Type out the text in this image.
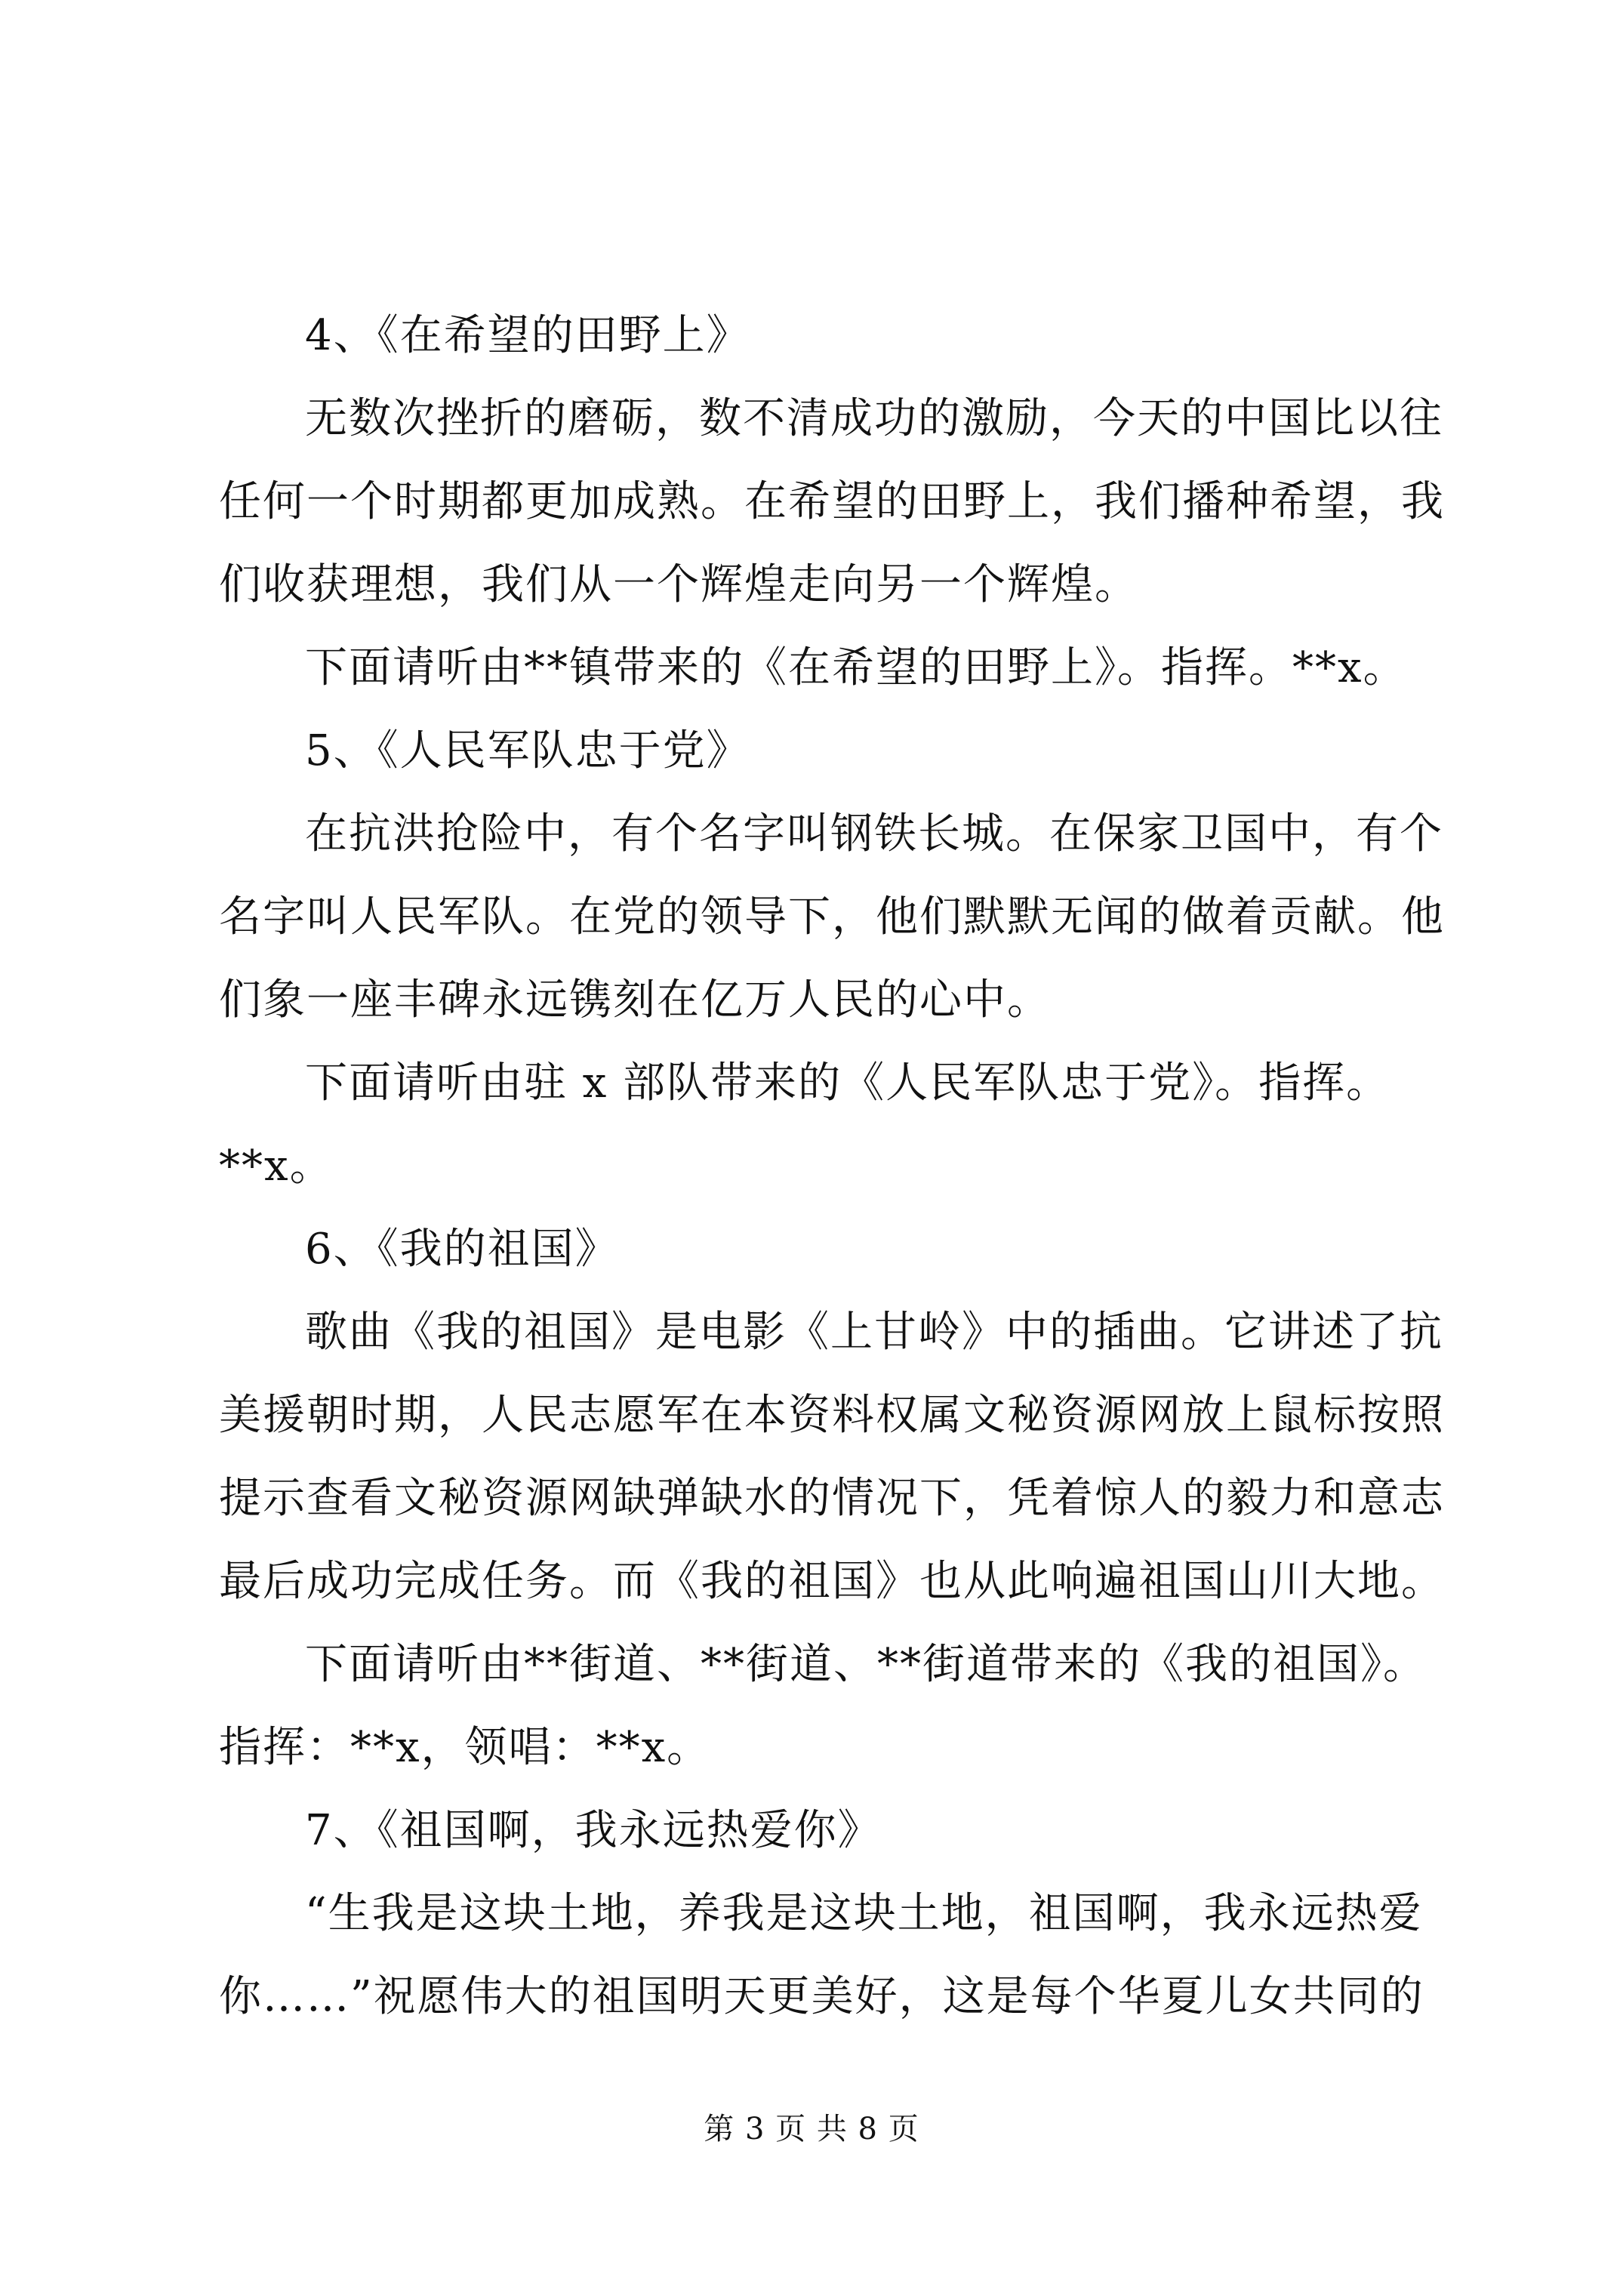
4、《在希望的田野上》
无数次挫折的磨砺，数不清成功的激励，今天的中国比以往
任何一个时期都更加成熟。在希望的田野上，我们播种希望，我
们收获理想，我们从一个辉煌走向另一个辉煌。
下面请听由**镇带来的《在希望的田野上》。指挥。**x。
5、《人民军队忠于党》
在抗洪抢险中，有个名字叫钢铁长城。在保家卫国中，有个
名字叫人民军队。在党的领导下，他们默默无闻的做着贡献。他
们象一座丰碑永远镌刻在亿万人民的心中。
下面请听由驻 x 部队带来的《人民军队忠于党》。指挥。
**x。
6、《我的祖国》
歌曲《我的祖国》是电影《上甘岭》中的插曲。它讲述了抗
美援朝时期，人民志愿军在本资料权属文秘资源网放上鼠标按照
提示查看文秘资源网缺弹缺水的情况下，凭着惊人的毅力和意志
最后成功完成任务。而《我的祖国》也从此响遍祖国山川大地。
下面请听由**街道、**街道、**街道带来的《我的祖国》。
指挥：**x，领唱：**x。
7、《祖国啊，我永远热爱你》
“生我是这块土地，养我是这块土地，祖国啊，我永远热爱
你……”祝愿伟大的祖国明天更美好，这是每个华夏儿女共同的
第 3 页 共 8 页
